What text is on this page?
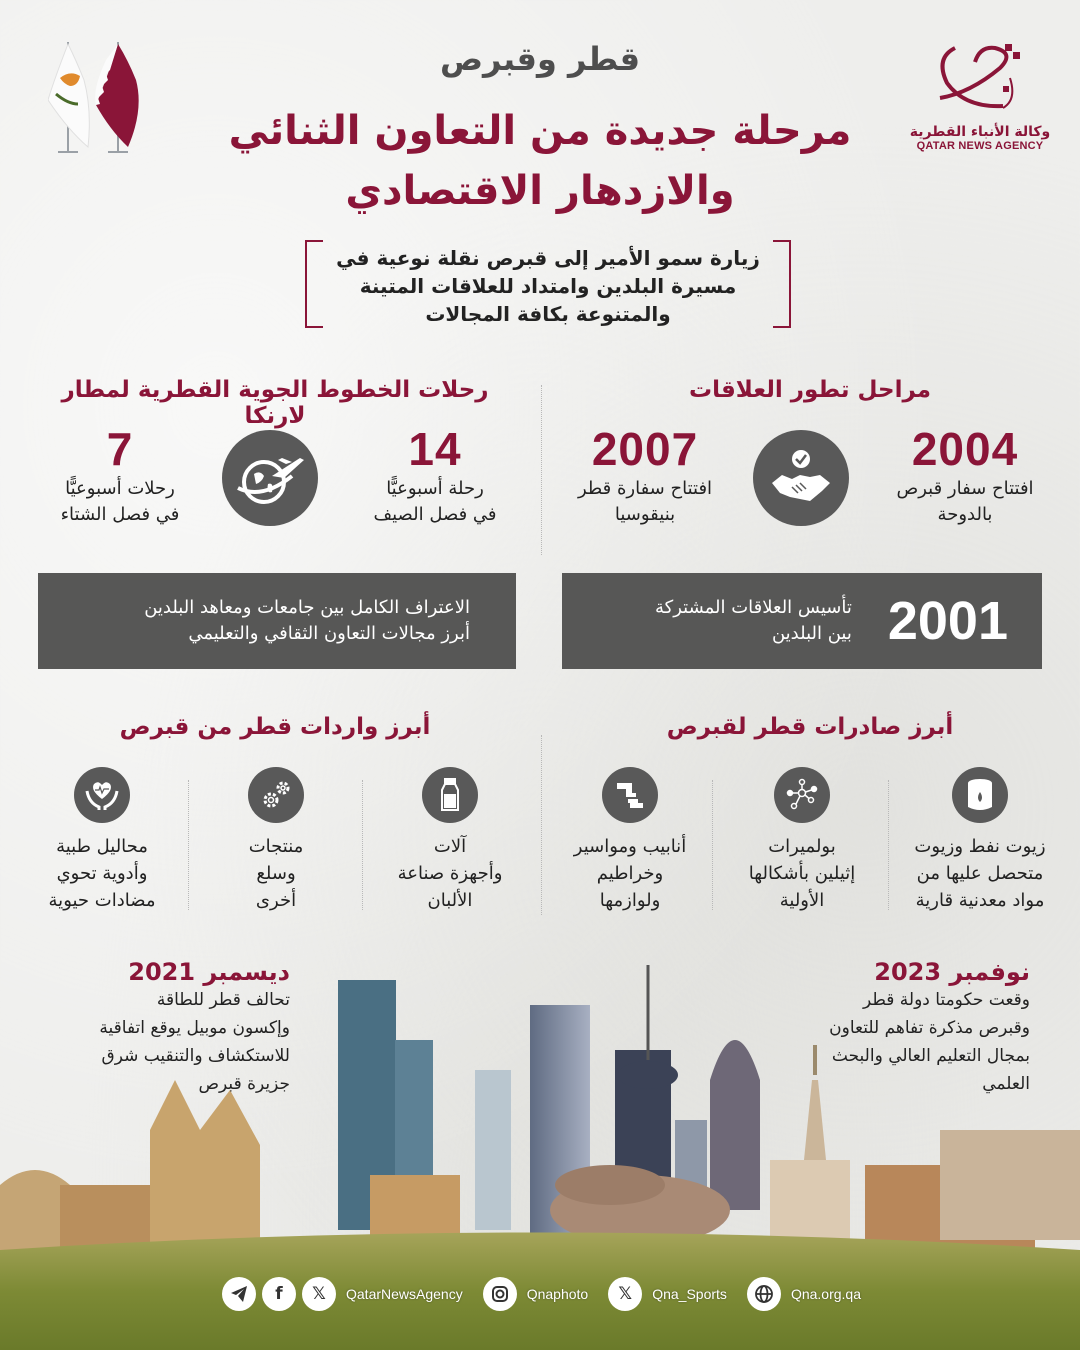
قطر وقبرص
مرحلة جديدة من التعاون الثنائي
والازدهار الاقتصادي
وكالة الأنباء القطرية
QATAR NEWS AGENCY
زيارة سمو الأمير إلى قبرص نقلة نوعية في
مسيرة البلدين وامتداد للعلاقات المتينة
والمتنوعة بكافة المجالات
مراحل تطور العلاقات
2004
افتتاح سفار قبرص
بالدوحة
2007
افتتاح سفارة قطر
بنيقوسيا
رحلات الخطوط الجوية القطرية لمطار لارنكا
14
رحلة أسبوعيًّا
في فصل الصيف
7
رحلات أسبوعيًّا
في فصل الشتاء
2001
تأسيس العلاقات المشتركة
بين البلدين
الاعتراف الكامل بين جامعات ومعاهد البلدين
أبرز مجالات التعاون الثقافي والتعليمي
أبرز صادرات قطر لقبرص
زيوت نفط وزيوت
متحصل عليها من
مواد معدنية قارية
بولميرات
إثيلين بأشكالها
الأولية
أنابيب ومواسير
وخراطيم
ولوازمها
أبرز واردات قطر من قبرص
آلات
وأجهزة صناعة
الألبان
منتجات
وسلع
أخرى
محاليل طبية
وأدوية تحوي
مضادات حيوية
نوفمبر 2023
وقعت حكومتا دولة قطر
وقبرص مذكرة تفاهم للتعاون
بمجال التعليم العالي والبحث
العلمي
ديسمبر 2021
تحالف قطر للطاقة
وإكسون موبيل يوقع اتفاقية
للاستكشاف والتنقيب شرق
جزيرة قبرص
f	𝕏	QatarNewsAgency	Qnaphoto	𝕏	Qna_Sports	Qna.org.qa
